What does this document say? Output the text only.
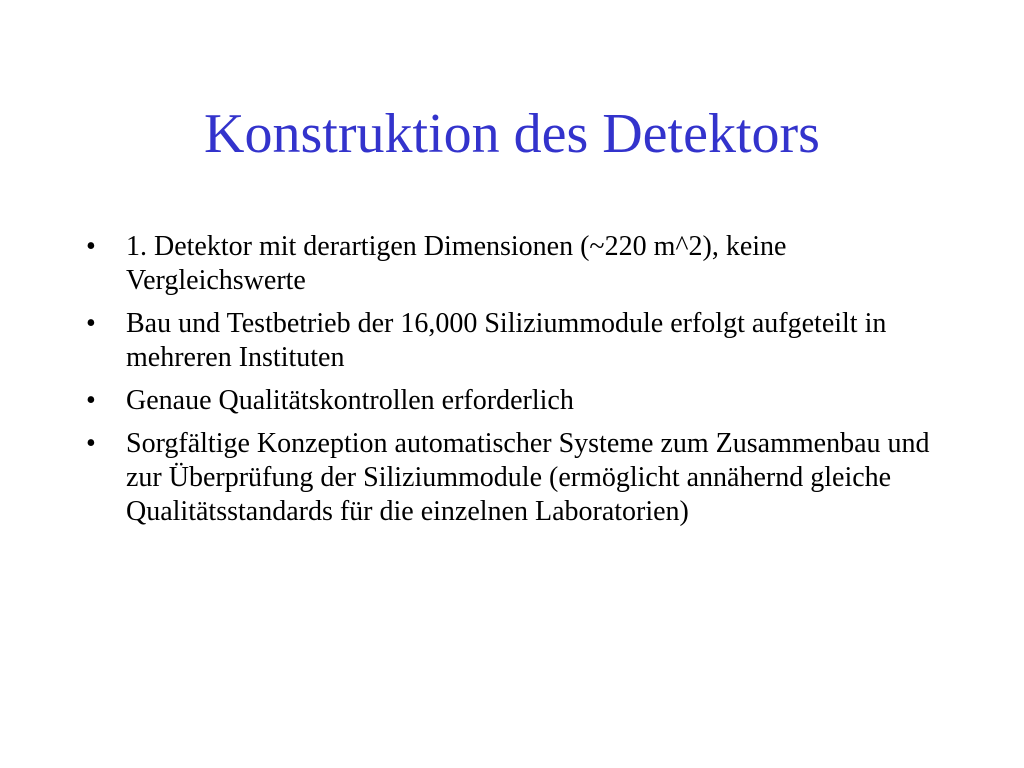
Konstruktion des Detektors
•	1. Detektor mit derartigen Dimensionen (~220 m^2), keine Vergleichswerte
•	Bau und Testbetrieb der 16,000 Siliziummodule erfolgt aufgeteilt in mehreren Instituten
•	Genaue Qualitätskontrollen erforderlich
•	Sorgfältige Konzeption automatischer Systeme zum Zusammenbau und zur Überprüfung der Siliziummodule (ermöglicht annähernd gleiche Qualitätsstandards für die einzelnen Laboratorien)
